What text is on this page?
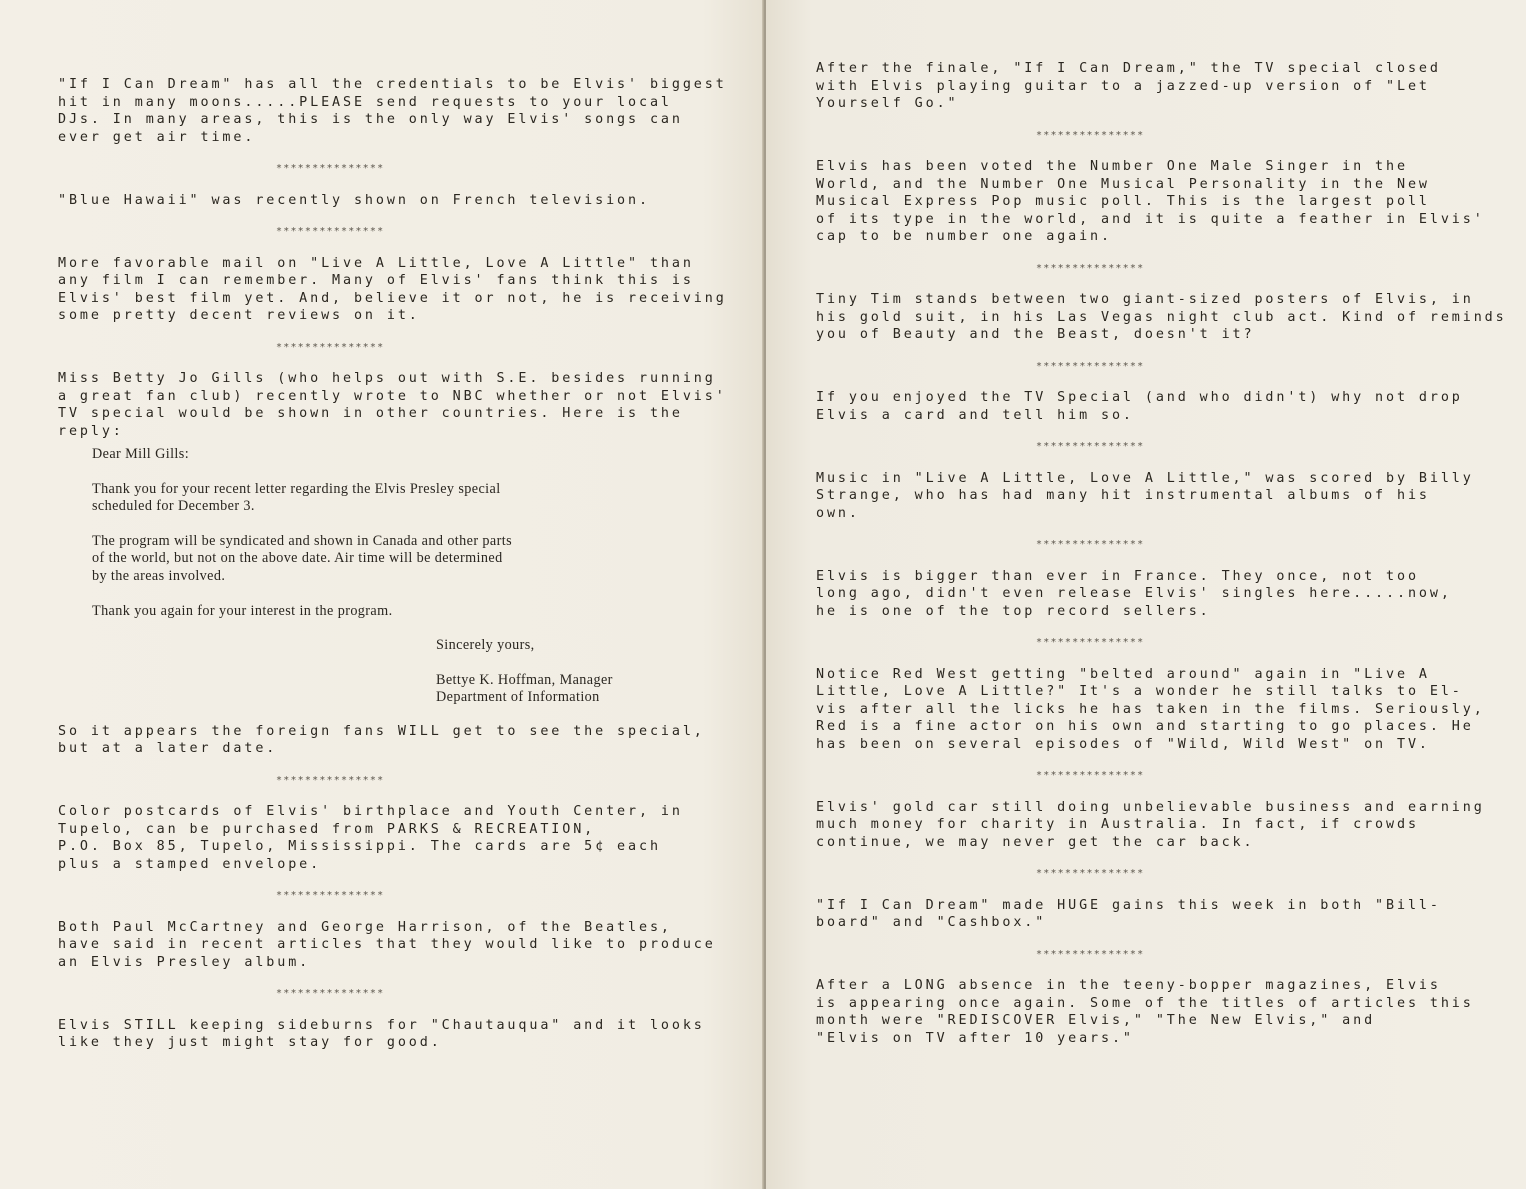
"If I Can Dream" has all the credentials to be Elvis' biggest
hit in many moons.....PLEASE send requests to your local
DJs. In many areas, this is the only way Elvis' songs can
ever get air time.

***************

"Blue Hawaii" was recently shown on French television.

***************

More favorable mail on "Live A Little, Love A Little" than
any film I can remember. Many of Elvis' fans think this is
Elvis' best film yet. And, believe it or not, he is receiving
some pretty decent reviews on it.

***************

Miss Betty Jo Gills (who helps out with S.E. besides running
a great fan club) recently wrote to NBC whether or not Elvis'
TV special would be shown in other countries. Here is the
reply:

Dear Mill Gills:

Thank you for your recent letter regarding the Elvis Presley special
scheduled for December 3.

The program will be syndicated and shown in Canada and other parts
of the world, but not on the above date. Air time will be determined
by the areas involved.

Thank you again for your interest in the program.

Sincerely yours,

Bettye K. Hoffman, Manager
Department of Information

So it appears the foreign fans WILL get to see the special,
but at a later date.

***************

Color postcards of Elvis' birthplace and Youth Center, in
Tupelo, can be purchased from PARKS & RECREATION,
P.O. Box 85, Tupelo, Mississippi. The cards are 5¢ each
plus a stamped envelope.

***************

Both Paul McCartney and George Harrison, of the Beatles,
have said in recent articles that they would like to produce
an Elvis Presley album.

***************

Elvis STILL keeping sideburns for "Chautauqua" and it looks
like they just might stay for good.

After the finale, "If I Can Dream," the TV special closed
with Elvis playing guitar to a jazzed-up version of "Let
Yourself Go."

***************

Elvis has been voted the Number One Male Singer in the
World, and the Number One Musical Personality in the New
Musical Express Pop music poll. This is the largest poll
of its type in the world, and it is quite a feather in Elvis'
cap to be number one again.

***************

Tiny Tim stands between two giant-sized posters of Elvis, in
his gold suit, in his Las Vegas night club act. Kind of reminds
you of Beauty and the Beast, doesn't it?

***************

If you enjoyed the TV Special (and who didn't) why not drop
Elvis a card and tell him so.

***************

Music in "Live A Little, Love A Little," was scored by Billy
Strange, who has had many hit instrumental albums of his
own.

***************

Elvis is bigger than ever in France. They once, not too
long ago, didn't even release Elvis' singles here.....now,
he is one of the top record sellers.

***************

Notice Red West getting "belted around" again in "Live A
Little, Love A Little?" It's a wonder he still talks to El-
vis after all the licks he has taken in the films. Seriously,
Red is a fine actor on his own and starting to go places. He
has been on several episodes of "Wild, Wild West" on TV.

***************

Elvis' gold car still doing unbelievable business and earning
much money for charity in Australia. In fact, if crowds
continue, we may never get the car back.

***************

"If I Can Dream" made HUGE gains this week in both "Bill-
board" and "Cashbox."

***************

After a LONG absence in the teeny-bopper magazines, Elvis
is appearing once again. Some of the titles of articles this
month were "REDISCOVER Elvis," "The New Elvis," and
"Elvis on TV after 10 years."
